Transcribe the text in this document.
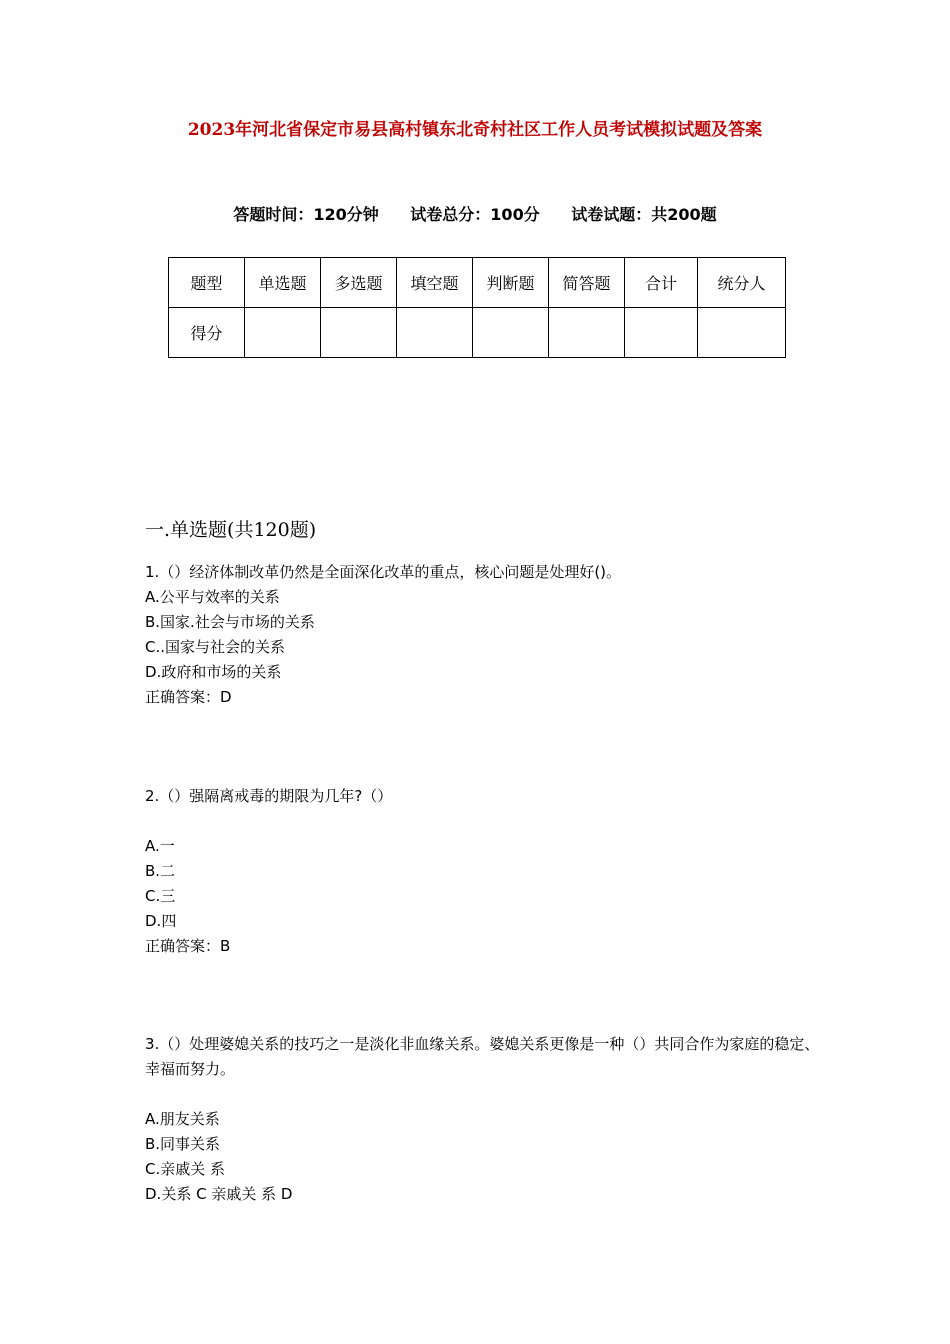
2023年河北省保定市易县高村镇东北奇村社区工作人员考试模拟试题及答案
答题时间：120分钟 试卷总分：100分 试卷试题：共200题
题型	单选题	多选题	填空题	判断题	简答题	合计	统分人
得分							
一.单选题(共120题)
1.（）经济体制改革仍然是全面深化改革的重点，核心问题是处理好()。
A.公平与效率的关系
B.国家.社会与市场的关系
C..国家与社会的关系
D.政府和市场的关系
正确答案：D
2.（）强隔离戒毒的期限为几年?（）
A.一
B.二
C.三
D.四
正确答案：B
3.（）处理婆媳关系的技巧之一是淡化非血缘关系。婆媳关系更像是一种（）共同合作为家庭的稳定、幸福而努力。
A.朋友关系
B.同事关系
C.亲戚关 系
D.关系 C 亲戚关 系 D
